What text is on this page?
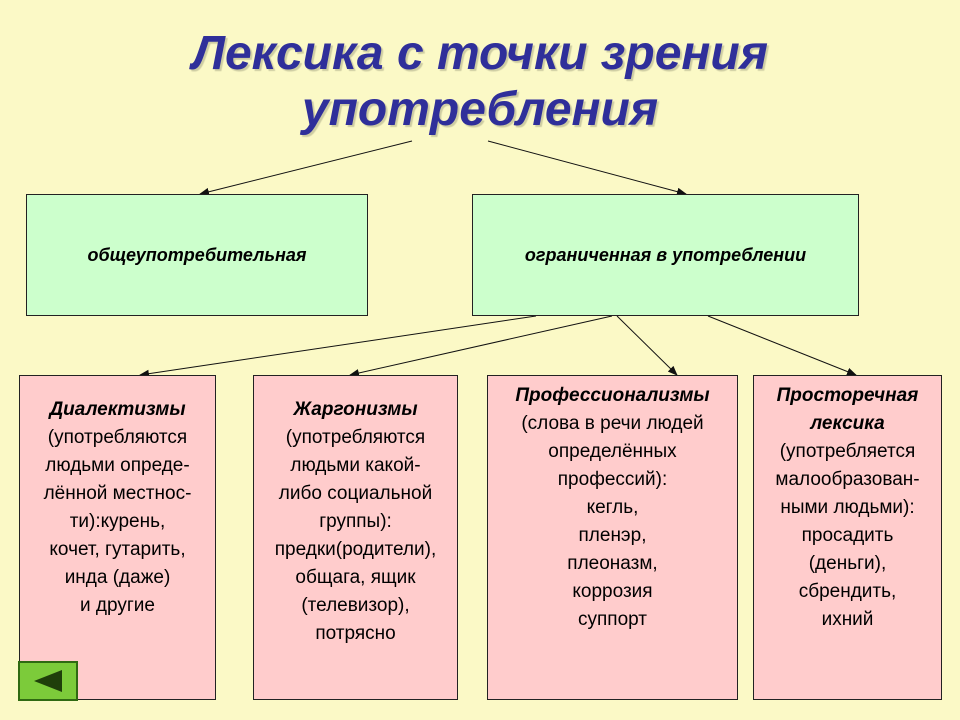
Лексика с точки зрения
употребления
общеупотребительная	ограниченная в употреблении
Диалектизмы
(употребляются
людьми опреде-
лённой местнос-
ти):курень,
кочет, гутарить,
инда (даже)
и другие
Жаргонизмы
(употребляются
людьми какой-
либо социальной
группы):
предки(родители),
общага, ящик
(телевизор),
потрясно
Профессионализмы
(слова в речи людей
определённых
профессий):
кегль,
пленэр,
плеоназм,
коррозия
суппорт
Просторечная
лексика
(употребляется
малообразован-
ными людьми):
просадить
(деньги),
сбрендить,
ихний
